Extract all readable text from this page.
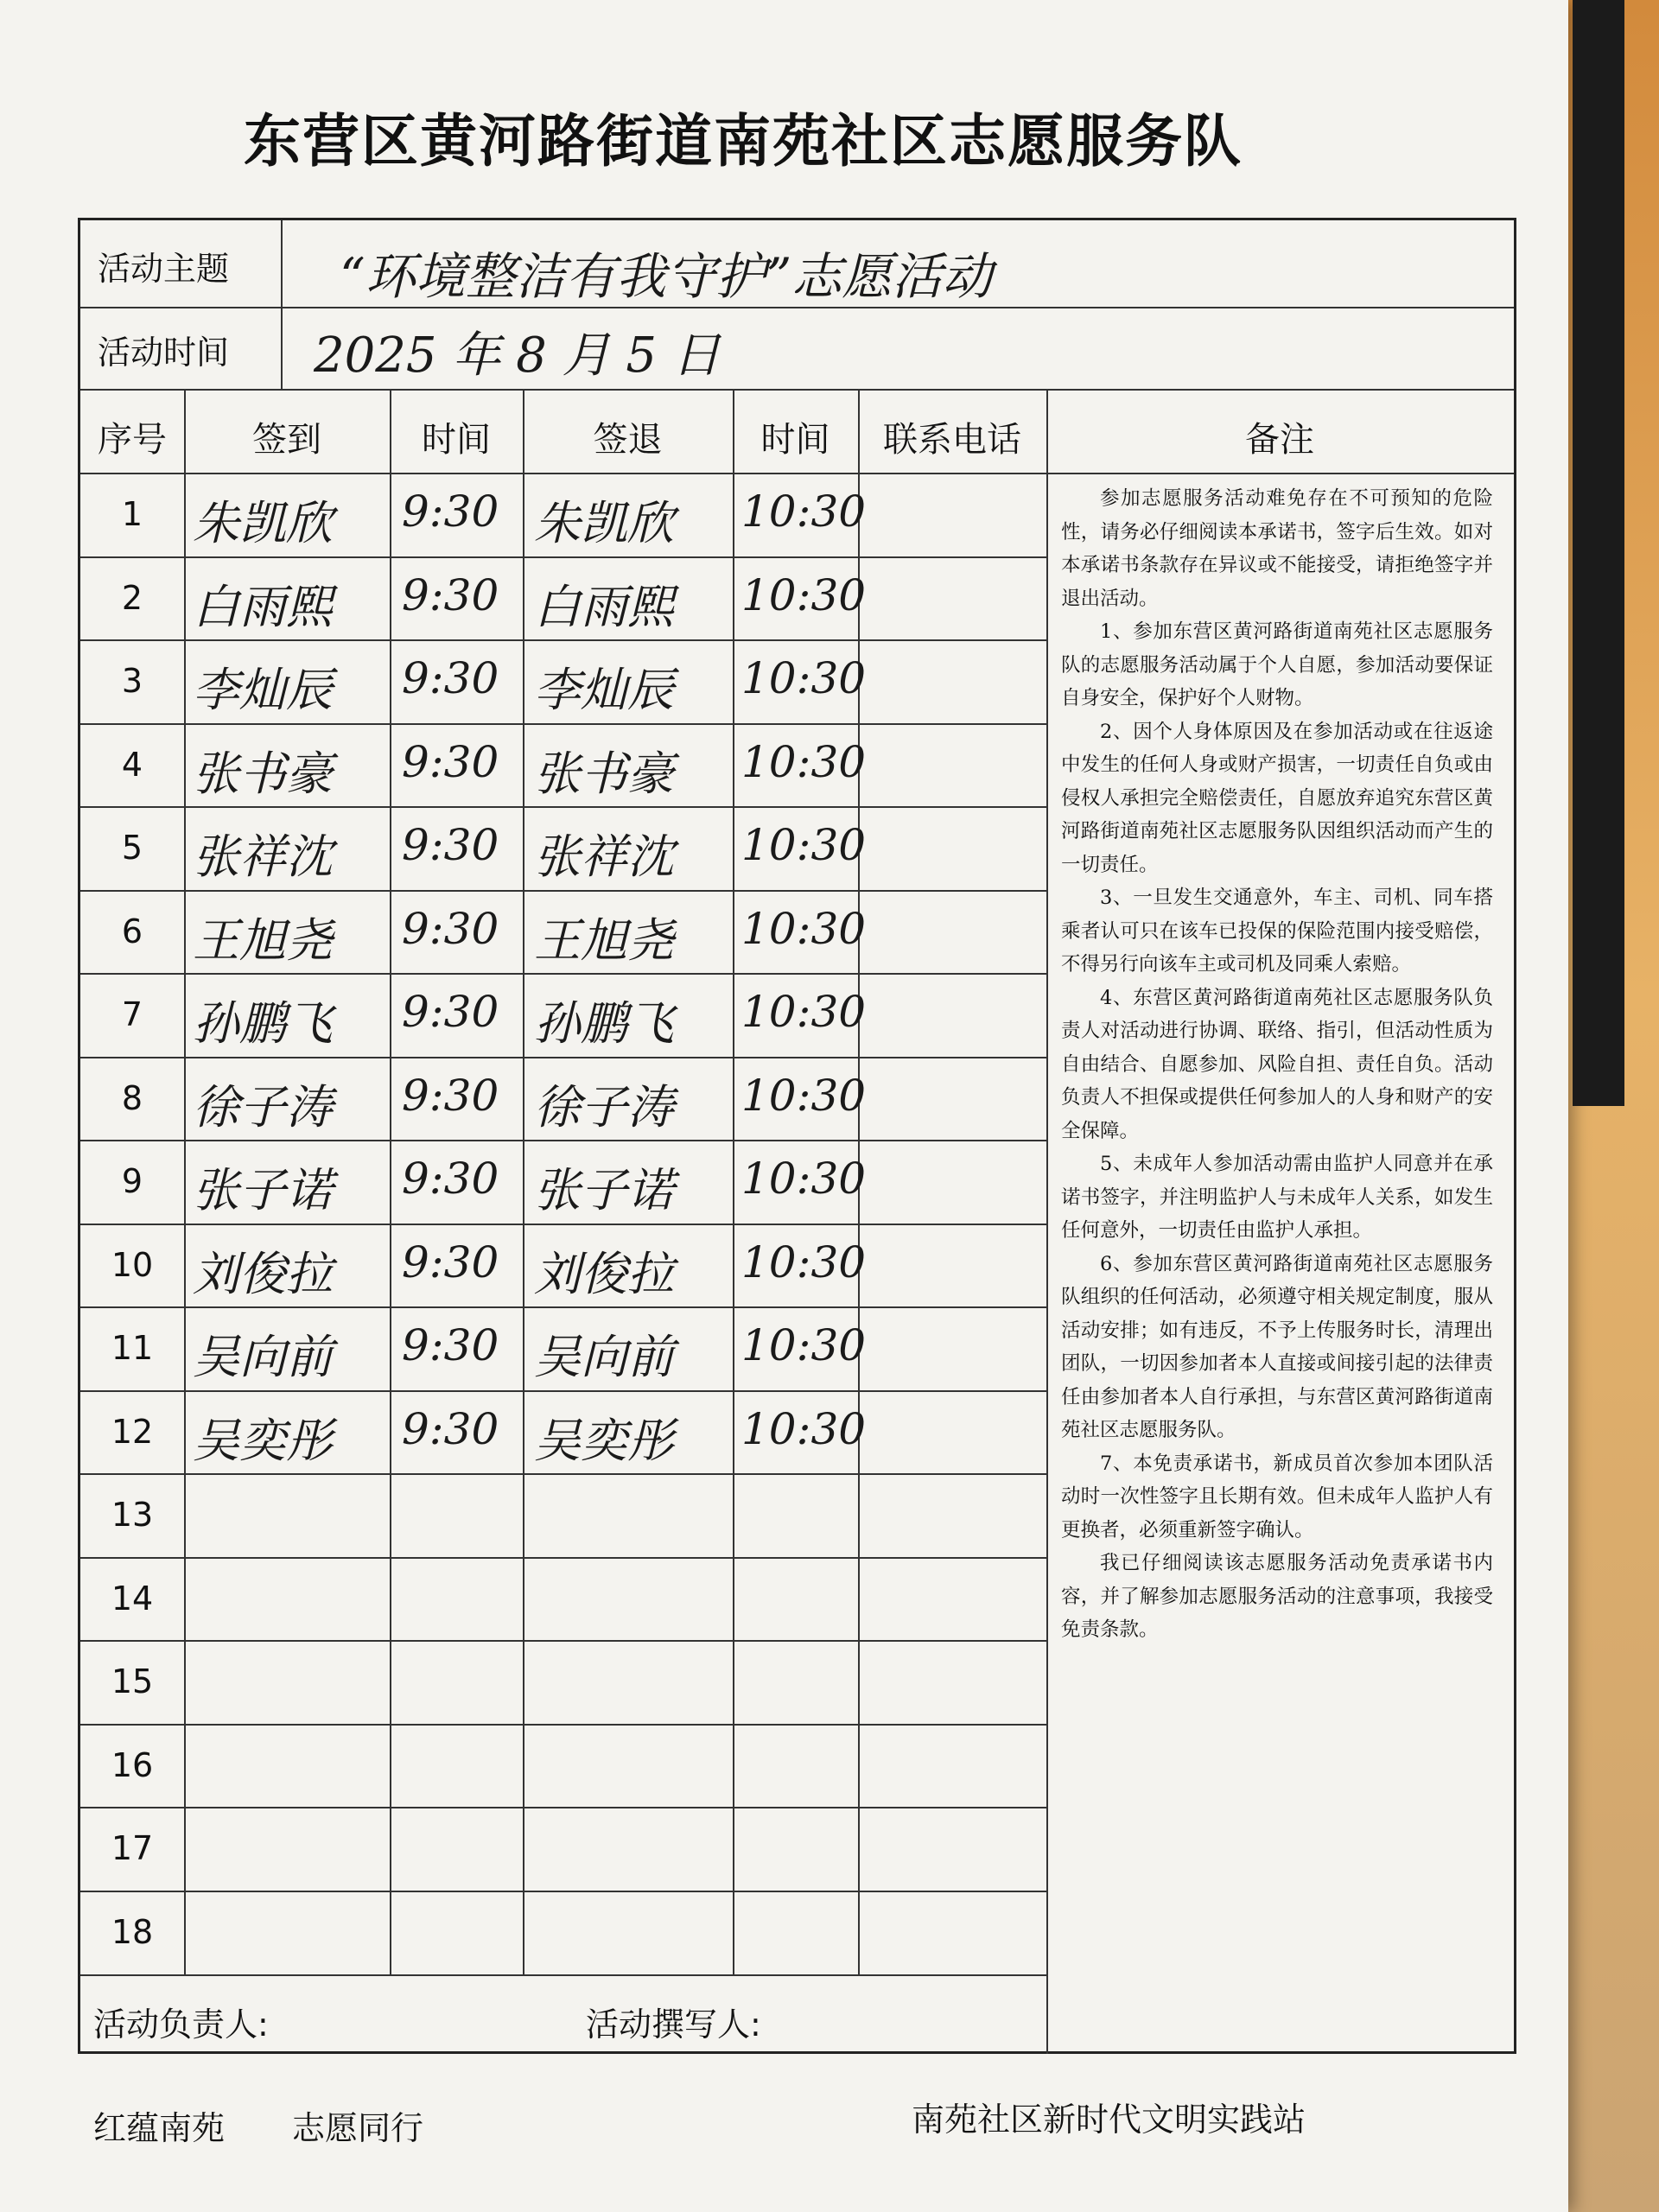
东营区黄河路街道南苑社区志愿服务队
活动主题 “环境整洁有我守护”志愿活动
活动时间 2025 年 8 月 5 日
序号	签到	时间	签退	时间	联系电话	备注
1	朱凯欣 9:30 朱凯欣 10:30
2	白雨熙 9:30 白雨熙 10:30
3	李灿辰 9:30 李灿辰 10:30
4	张书豪 9:30 张书豪 10:30
5	张祥沈 9:30 张祥沈 10:30
6	王旭尧 9:30 王旭尧 10:30
7	孙鹏飞 9:30 孙鹏飞 10:30
8	徐子涛 9:30 徐子涛 10:30
9	张子诺 9:30 张子诺 10:30
10 刘俊拉 9:30 刘俊拉 10:30
11 吴向前 9:30 吴向前 10:30
12 吴奕彤 9:30 吴奕彤 10:30
13
14
15
16
17
18
活动负责人:	活动撰写人:

参加志愿服务活动难免存在不可预知的危险性，请务必仔细阅读本承诺书，签字后生效。如对本承诺书条款存在异议或不能接受，请拒绝签字并退出活动。

1、参加东营区黄河路街道南苑社区志愿服务队的志愿服务活动属于个人自愿，参加活动要保证自身安全，保护好个人财物。

2、因个人身体原因及在参加活动或在往返途中发生的任何人身或财产损害，一切责任自负或由侵权人承担完全赔偿责任，自愿放弃追究东营区黄河路街道南苑社区志愿服务队因组织活动而产生的一切责任。

3、一旦发生交通意外，车主、司机、同车搭乘者认可只在该车已投保的保险范围内接受赔偿，不得另行向该车主或司机及同乘人索赔。

4、东营区黄河路街道南苑社区志愿服务队负责人对活动进行协调、联络、指引，但活动性质为自由结合、自愿参加、风险自担、责任自负。活动负责人不担保或提供任何参加人的人身和财产的安全保障。

5、未成年人参加活动需由监护人同意并在承诺书签字，并注明监护人与未成年人关系，如发生任何意外，一切责任由监护人承担。

6、参加东营区黄河路街道南苑社区志愿服务队组织的任何活动，必须遵守相关规定制度，服从活动安排；如有违反，不予上传服务时长，清理出团队，一切因参加者本人直接或间接引起的法律责任由参加者本人自行承担，与东营区黄河路街道南苑社区志愿服务队。

7、本免责承诺书，新成员首次参加本团队活动时一次性签字且长期有效。但未成年人监护人有更换者，必须重新签字确认。

我已仔细阅读该志愿服务活动免责承诺书内容，并了解参加志愿服务活动的注意事项，我接受免责条款。

红蕴南苑 志愿同行	南苑社区新时代文明实践站
